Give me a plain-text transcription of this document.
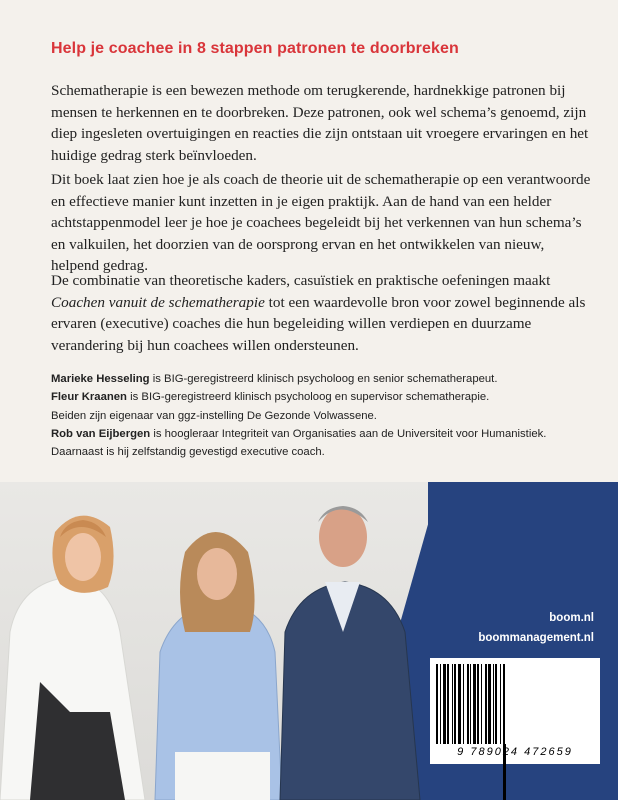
Help je coachee in 8 stappen patronen te doorbreken

Schematherapie is een bewezen methode om terugkerende, hardnekkige patronen bij mensen te herkennen en te doorbreken. Deze patronen, ook wel schema’s genoemd, zijn diep ingesleten overtuigingen en reacties die zijn ontstaan uit vroegere ervaringen en het huidige gedrag sterk beïnvloeden.

Dit boek laat zien hoe je als coach de theorie uit de schematherapie op een verantwoorde en effectieve manier kunt inzetten in je eigen praktijk. Aan de hand van een helder achtstappenmodel leer je hoe je coachees begeleidt bij het verkennen van hun schema’s en valkuilen, het doorzien van de oorsprong ervan en het ontwikkelen van nieuw, helpend gedrag.

De combinatie van theoretische kaders, casuïstiek en praktische oefeningen maakt Coachen vanuit de schematherapie tot een waardevolle bron voor zowel beginnende als ervaren (executive) coaches die hun begeleiding willen verdiepen en duurzame verandering bij hun coachees willen ondersteunen.

Marieke Hesseling is BIG-geregistreerd klinisch psycholoog en senior schematherapeut.
Fleur Kraanen is BIG-geregistreerd klinisch psycholoog en supervisor schematherapie.
Beiden zijn eigenaar van ggz-instelling De Gezonde Volwassene.
Rob van Eijbergen is hoogleraar Integriteit van Organisaties aan de Universiteit voor Humanistiek. Daarnaast is hij zelfstandig gevestigd executive coach.
boom.nl
boommanagement.nl
9 789024 472659
